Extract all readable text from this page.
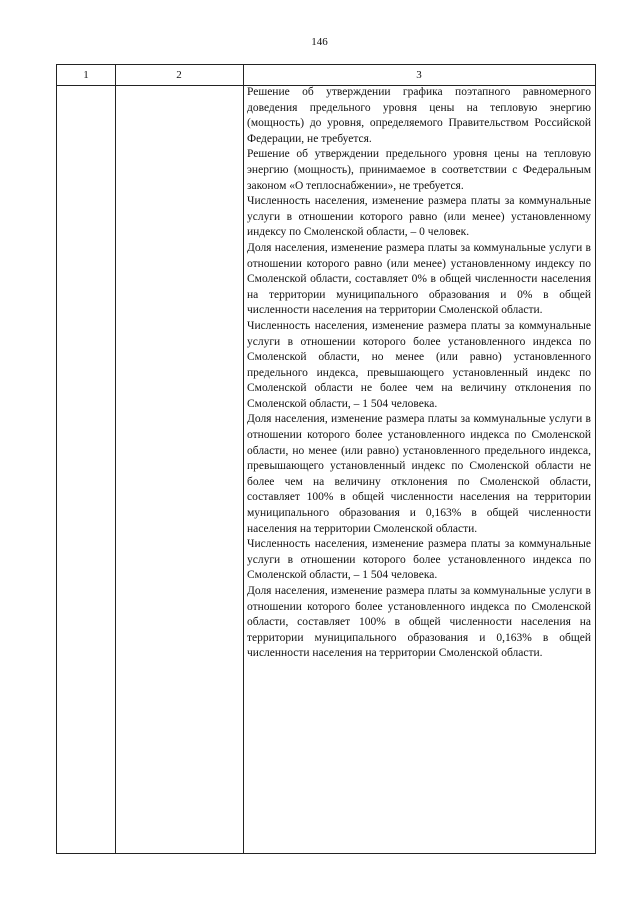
146
1	2	3

Решение об утверждении графика поэтапного равномерного доведения предельного уровня цены на тепловую энергию (мощность) до уровня, определяемого Правительством Российской Федерации, не требуется.

Решение об утверждении предельного уровня цены на тепловую энергию (мощность), принимаемое в соответствии с Федеральным законом «О теплоснабжении», не требуется.

Численность населения, изменение размера платы за коммунальные услуги в отношении которого равно (или менее) установленному индексу по Смоленской области, – 0 человек.

Доля населения, изменение размера платы за коммунальные услуги в отношении которого равно (или менее) установленному индексу по Смоленской области, составляет 0% в общей численности населения на территории муниципального образования и 0% в общей численности населения на территории Смоленской области.

Численность населения, изменение размера платы за коммунальные услуги в отношении которого более установленного индекса по Смоленской области, но менее (или равно) установленного предельного индекса, превышающего установленный индекс по Смоленской области не более чем на величину отклонения по Смоленской области, – 1 504 человека.

Доля населения, изменение размера платы за коммунальные услуги в отношении которого более установленного индекса по Смоленской области, но менее (или равно) установленного предельного индекса, превышающего установленный индекс по Смоленской области не более чем на величину отклонения по Смоленской области, составляет 100% в общей численности населения на территории муниципального образования и 0,163% в общей численности населения на территории Смоленской области.

Численность населения, изменение размера платы за коммунальные услуги в отношении которого более установленного индекса по Смоленской области, – 1 504 человека.

Доля населения, изменение размера платы за коммунальные услуги в отношении которого более установленного индекса по Смоленской области, составляет 100% в общей численности населения на территории муниципального образования и 0,163% в общей численности населения на территории Смоленской области.
